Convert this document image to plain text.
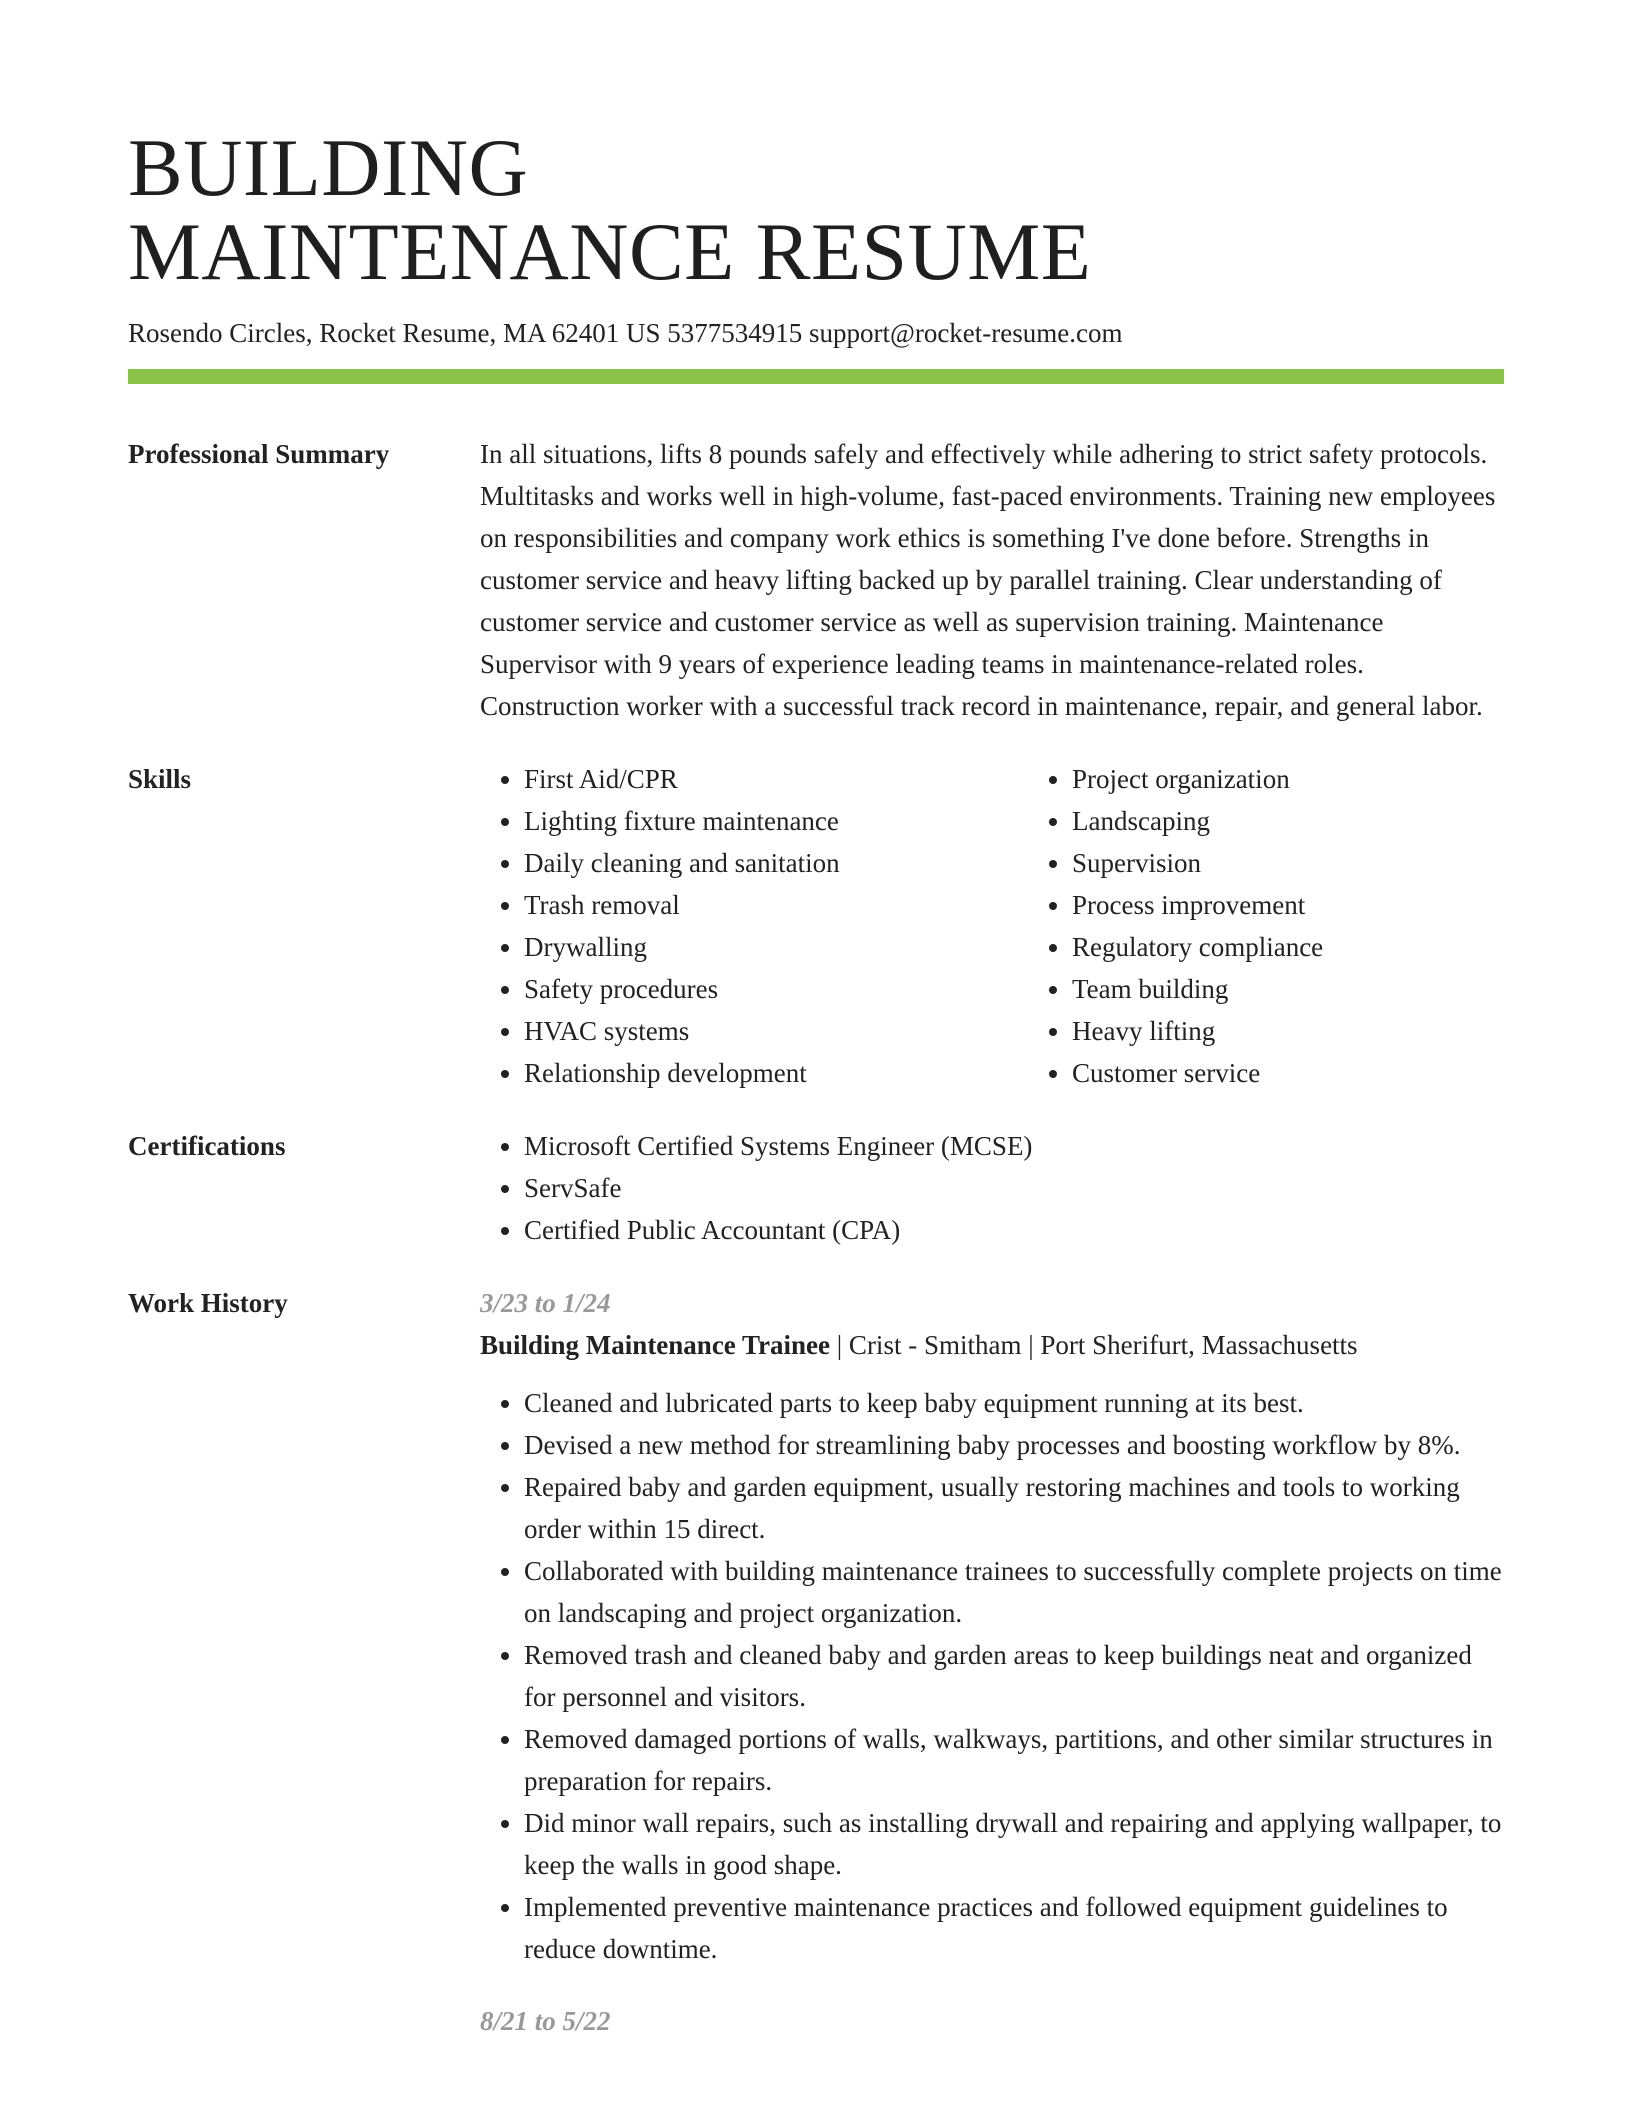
BUILDING
MAINTENANCE RESUME
Rosendo Circles, Rocket Resume, MA 62401 US 5377534915 support@rocket-resume.com
Professional Summary	In all situations, lifts 8 pounds safely and effectively while adhering to strict safety protocols. Multitasks and works well in high-volume, fast-paced environments. Training new employees on responsibilities and company work ethics is something I've done before. Strengths in customer service and heavy lifting backed up by parallel training. Clear understanding of customer service and customer service as well as supervision training. Maintenance Supervisor with 9 years of experience leading teams in maintenance-related roles. Construction worker with a successful track record in maintenance, repair, and general labor.
Skills	• First Aid/CPR
• Lighting fixture maintenance
• Daily cleaning and sanitation
• Trash removal
• Drywalling
• Safety procedures
• HVAC systems
• Relationship development
• Project organization
• Landscaping
• Supervision
• Process improvement
• Regulatory compliance
• Team building
• Heavy lifting
• Customer service
Certifications	• Microsoft Certified Systems Engineer (MCSE)
• ServSafe
• Certified Public Accountant (CPA)
Work History	3/23 to 1/24
Building Maintenance Trainee | Crist - Smitham | Port Sherifurt, Massachusetts
• Cleaned and lubricated parts to keep baby equipment running at its best.
• Devised a new method for streamlining baby processes and boosting workflow by 8%.
• Repaired baby and garden equipment, usually restoring machines and tools to working order within 15 direct.
• Collaborated with building maintenance trainees to successfully complete projects on time on landscaping and project organization.
• Removed trash and cleaned baby and garden areas to keep buildings neat and organized for personnel and visitors.
• Removed damaged portions of walls, walkways, partitions, and other similar structures in preparation for repairs.
• Did minor wall repairs, such as installing drywall and repairing and applying wallpaper, to keep the walls in good shape.
• Implemented preventive maintenance practices and followed equipment guidelines to reduce downtime.
8/21 to 5/22
